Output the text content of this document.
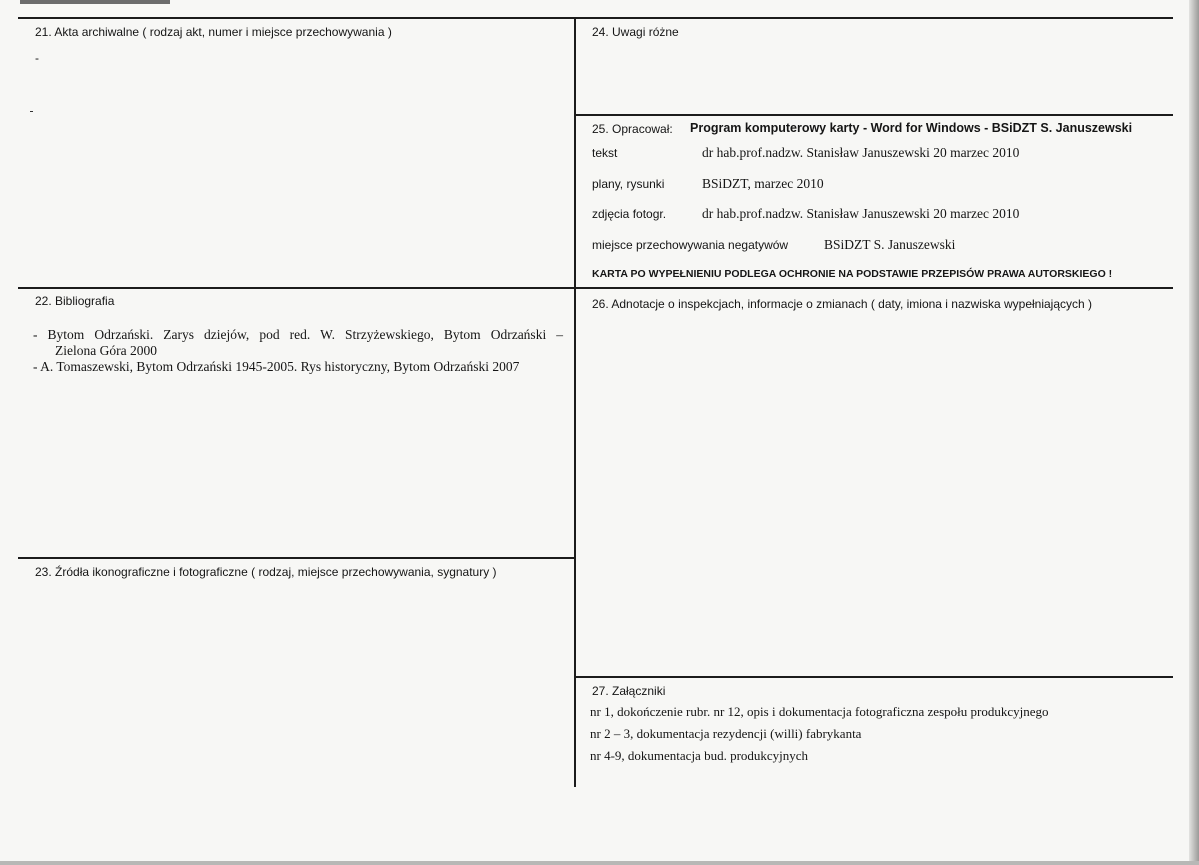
21. Akta archiwalne ( rodzaj akt, numer i miejsce przechowywania )
-
24. Uwagi różne
25. Opracował: Program komputerowy karty - Word for Windows - BSiDZT S. Januszewski
tekst	dr hab.prof.nadzw. Stanisław Januszewski 20 marzec 2010
plany, rysunki	BSiDZT, marzec 2010
zdjęcia fotogr.	dr hab.prof.nadzw. Stanisław Januszewski 20 marzec 2010
miejsce przechowywania negatywów	BSiDZT S. Januszewski
KARTA PO WYPEŁNIENIU PODLEGA OCHRONIE NA PODSTAWIE PRZEPISÓW PRAWA AUTORSKIEGO !
22. Bibliografia
- Bytom Odrzański. Zarys dziejów, pod red. W. Strzyżewskiego, Bytom Odrzański –
Zielona Góra 2000
- A. Tomaszewski, Bytom Odrzański 1945-2005. Rys historyczny, Bytom Odrzański 2007
26. Adnotacje o inspekcjach, informacje o zmianach ( daty, imiona i nazwiska wypełniających )
23. Źródła ikonograficzne i fotograficzne ( rodzaj, miejsce przechowywania, sygnatury )
27. Załączniki
nr 1, dokończenie rubr. nr 12, opis i dokumentacja fotograficzna zespołu produkcyjnego
nr 2 – 3, dokumentacja rezydencji (willi) fabrykanta
nr 4-9, dokumentacja bud. produkcyjnych
